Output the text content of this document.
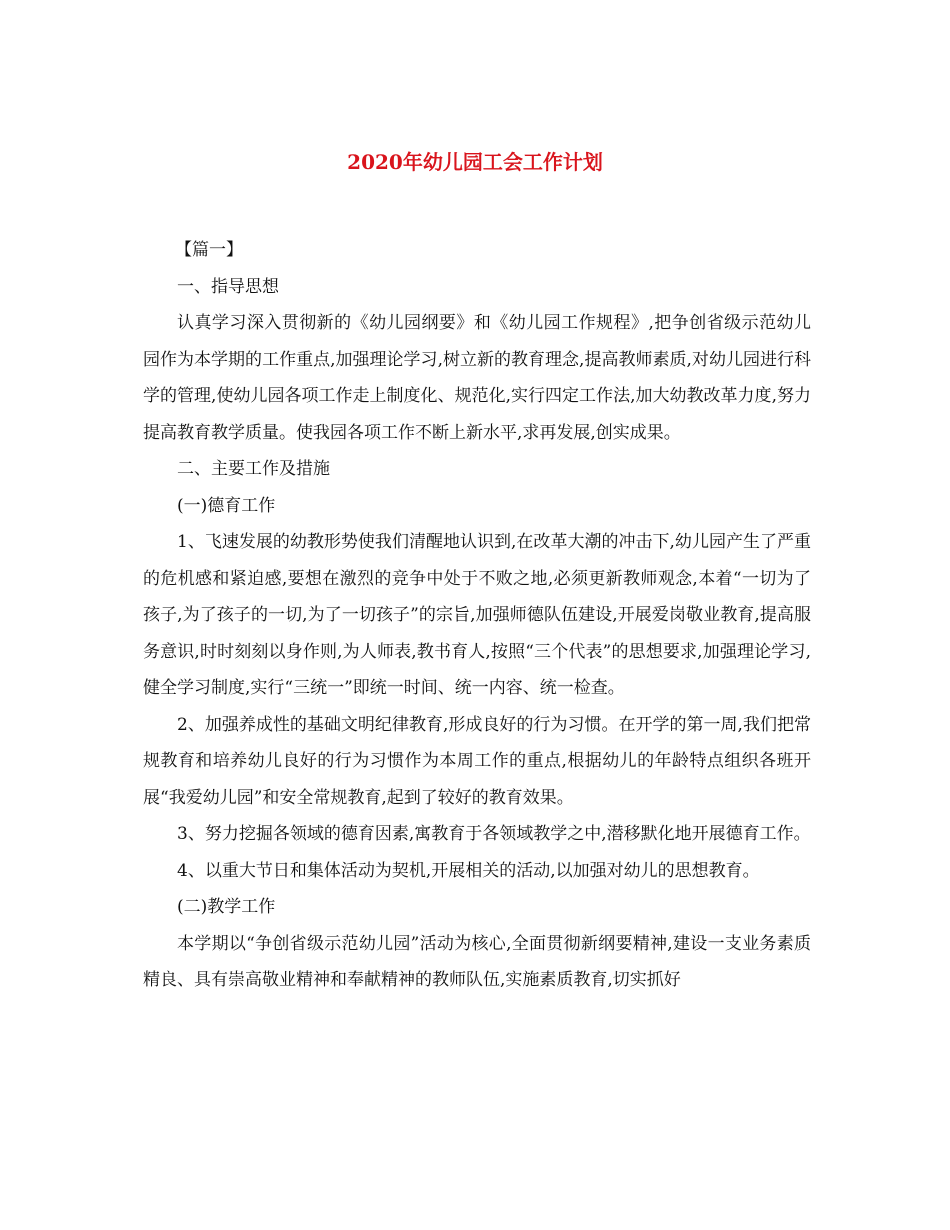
2020年幼儿园工会工作计划

【篇一】

一、指导思想

认真学习深入贯彻新的《幼儿园纲要》和《幼儿园工作规程》,把争创省级示范幼儿园作为本学期的工作重点,加强理论学习,树立新的教育理念,提高教师素质,对幼儿园进行科学的管理,使幼儿园各项工作走上制度化、规范化,实行四定工作法,加大幼教改革力度,努力提高教育教学质量。使我园各项工作不断上新水平,求再发展,创实成果。

二、主要工作及措施

(一)德育工作

1、飞速发展的幼教形势使我们清醒地认识到,在改革大潮的冲击下,幼儿园产生了严重的危机感和紧迫感,要想在激烈的竞争中处于不败之地,必须更新教师观念,本着“一切为了孩子,为了孩子的一切,为了一切孩子”的宗旨,加强师德队伍建设,开展爱岗敬业教育,提高服务意识,时时刻刻以身作则,为人师表,教书育人,按照“三个代表”的思想要求,加强理论学习,健全学习制度,实行“三统一”即统一时间、统一内容、统一检查。

2、加强养成性的基础文明纪律教育,形成良好的行为习惯。在开学的第一周,我们把常规教育和培养幼儿良好的行为习惯作为本周工作的重点,根据幼儿的年龄特点组织各班开展“我爱幼儿园”和安全常规教育,起到了较好的教育效果。

3、努力挖掘各领域的德育因素,寓教育于各领域教学之中,潜移默化地开展德育工作。

4、以重大节日和集体活动为契机,开展相关的活动,以加强对幼儿的思想教育。

(二)教学工作

本学期以“争创省级示范幼儿园”活动为核心,全面贯彻新纲要精神,建设一支业务素质精良、具有崇高敬业精神和奉献精神的教师队伍,实施素质教育,切实抓好
